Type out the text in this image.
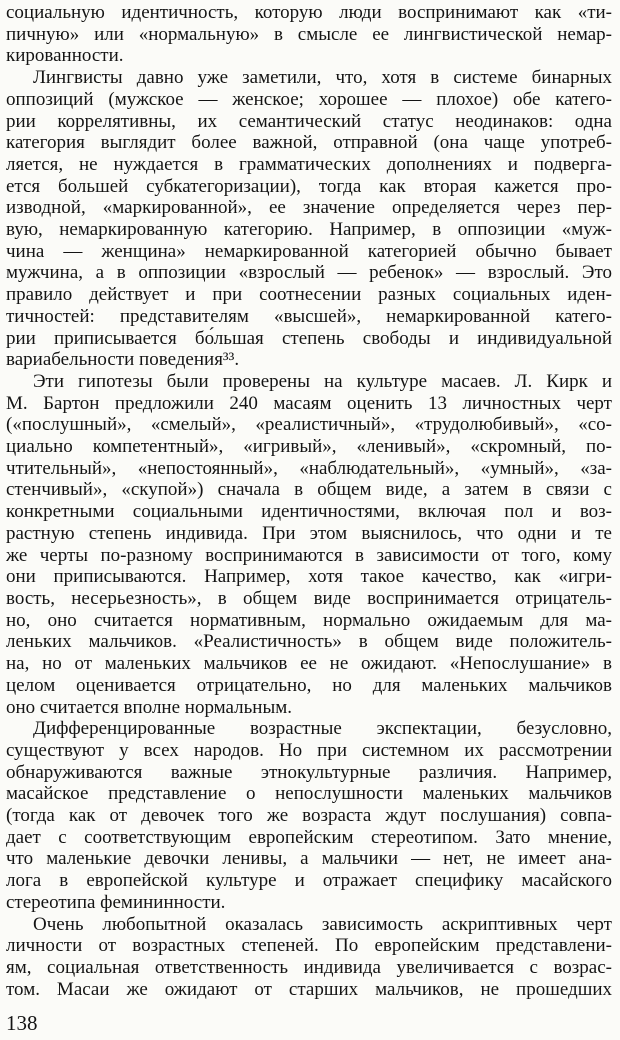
социальную идентичность, которую люди воспринимают как «ти-
пичную» или «нормальную» в смысле ее лингвистической немар-
кированности.
Лингвисты давно уже заметили, что, хотя в системе бинарных
оппозиций (мужское — женское; хорошее — плохое) обе катего-
рии коррелятивны, их семантический статус неодинаков: одна
категория выглядит более важной, отправной (она чаще употреб-
ляется, не нуждается в грамматических дополнениях и подверга-
ется большей субкатегоризации), тогда как вторая кажется про-
изводной, «маркированной», ее значение определяется через пер-
вую, немаркированную категорию. Например, в оппозиции «муж-
чина — женщина» немаркированной категорией обычно бывает
мужчина, а в оппозиции «взрослый — ребенок» — взрослый. Это
правило действует и при соотнесении разных социальных иден-
тичностей: представителям «высшей», немаркированной катего-
рии приписывается бо́льшая степень свободы и индивидуальной
вариабельности поведения³³.
Эти гипотезы были проверены на культуре масаев. Л. Кирк и
М. Бартон предложили 240 масаям оценить 13 личностных черт
(«послушный», «смелый», «реалистичный», «трудолюбивый», «со-
циально компетентный», «игривый», «ленивый», «скромный, по-
чтительный», «непостоянный», «наблюдательный», «умный», «за-
стенчивый», «скупой») сначала в общем виде, а затем в связи с
конкретными социальными идентичностями, включая пол и воз-
растную степень индивида. При этом выяснилось, что одни и те
же черты по-разному воспринимаются в зависимости от того, кому
они приписываются. Например, хотя такое качество, как «игри-
вость, несерьезность», в общем виде воспринимается отрицатель-
но, оно считается нормативным, нормально ожидаемым для ма-
леньких мальчиков. «Реалистичность» в общем виде положитель-
на, но от маленьких мальчиков ее не ожидают. «Непослушание» в
целом оценивается отрицательно, но для маленьких мальчиков
оно считается вполне нормальным.
Дифференцированные возрастные экспектации, безусловно,
существуют у всех народов. Но при системном их рассмотрении
обнаруживаются важные этнокультурные различия. Например,
масайское представление о непослушности маленьких мальчиков
(тогда как от девочек того же возраста ждут послушания) совпа-
дает с соответствующим европейским стереотипом. Зато мнение,
что маленькие девочки ленивы, а мальчики — нет, не имеет ана-
лога в европейской культуре и отражает специфику масайского
стереотипа фемининности.
Очень любопытной оказалась зависимость аскриптивных черт
личности от возрастных степеней. По европейским представлени-
ям, социальная ответственность индивида увеличивается с возрас-
том. Масаи же ожидают от старших мальчиков, не прошедших
138
